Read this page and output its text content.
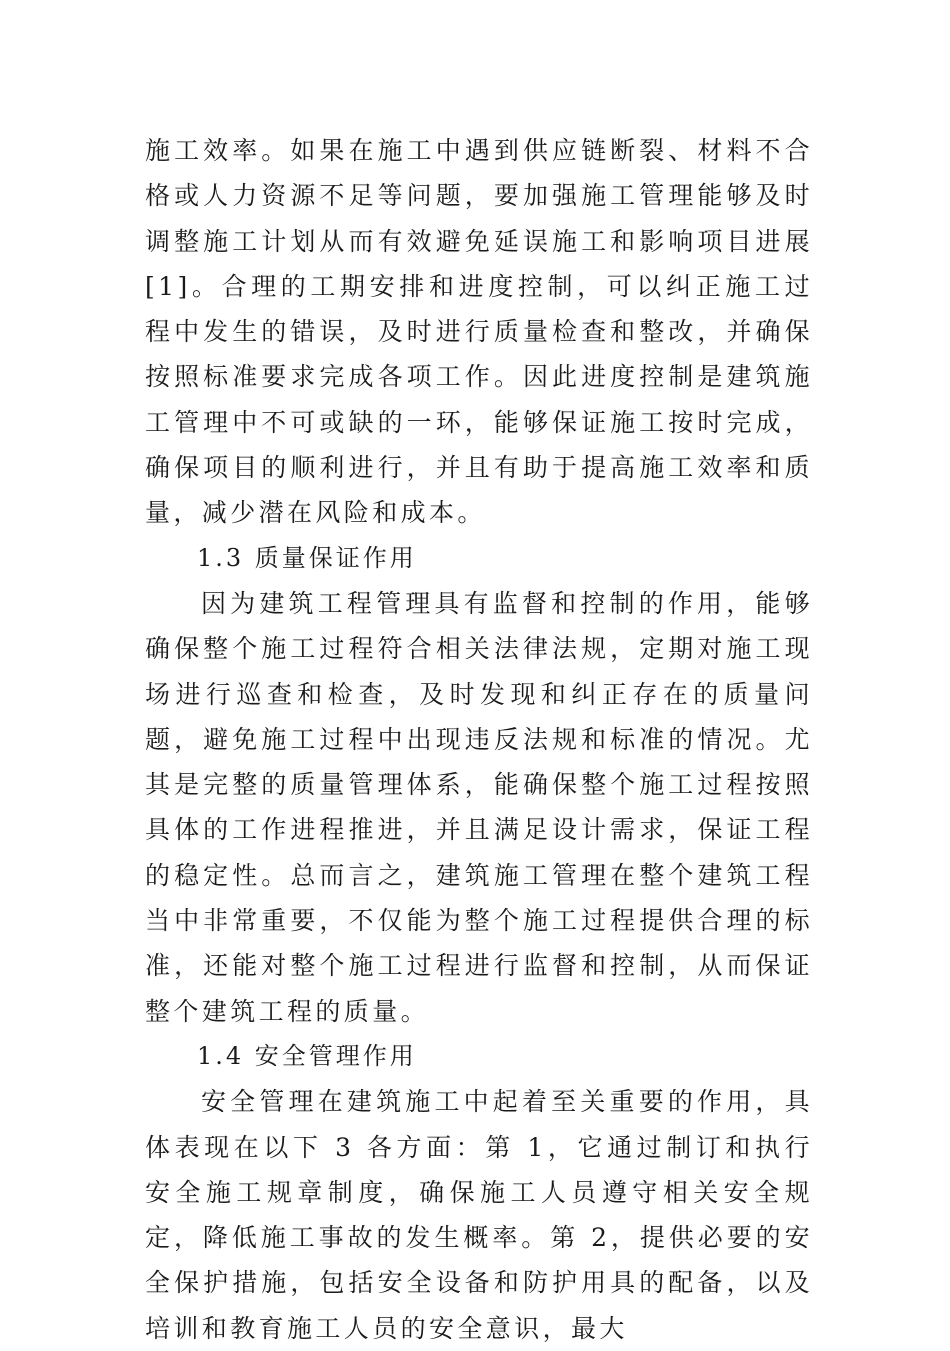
施工效率。如果在施工中遇到供应链断裂、材料不合格或人力资源不足等问题，要加强施工管理能够及时调整施工计划从而有效避免延误施工和影响项目进展[1]。合理的工期安排和进度控制，可以纠正施工过程中发生的错误，及时进行质量检查和整改，并确保按照标准要求完成各项工作。因此进度控制是建筑施工管理中不可或缺的一环，能够保证施工按时完成，确保项目的顺利进行，并且有助于提高施工效率和质量，减少潜在风险和成本。

1.3 质量保证作用

因为建筑工程管理具有监督和控制的作用，能够确保整个施工过程符合相关法律法规，定期对施工现场进行巡查和检查，及时发现和纠正存在的质量问题，避免施工过程中出现违反法规和标准的情况。尤其是完整的质量管理体系，能确保整个施工过程按照具体的工作进程推进，并且满足设计需求，保证工程的稳定性。总而言之，建筑施工管理在整个建筑工程当中非常重要，不仅能为整个施工过程提供合理的标准，还能对整个施工过程进行监督和控制，从而保证整个建筑工程的质量。

1.4 安全管理作用

安全管理在建筑施工中起着至关重要的作用，具体表现在以下 3 各方面：第 1，它通过制订和执行安全施工规章制度，确保施工人员遵守相关安全规定，降低施工事故的发生概率。第 2，提供必要的安全保护措施，包括安全设备和防护用具的配备，以及培训和教育施工人员的安全意识，最大
